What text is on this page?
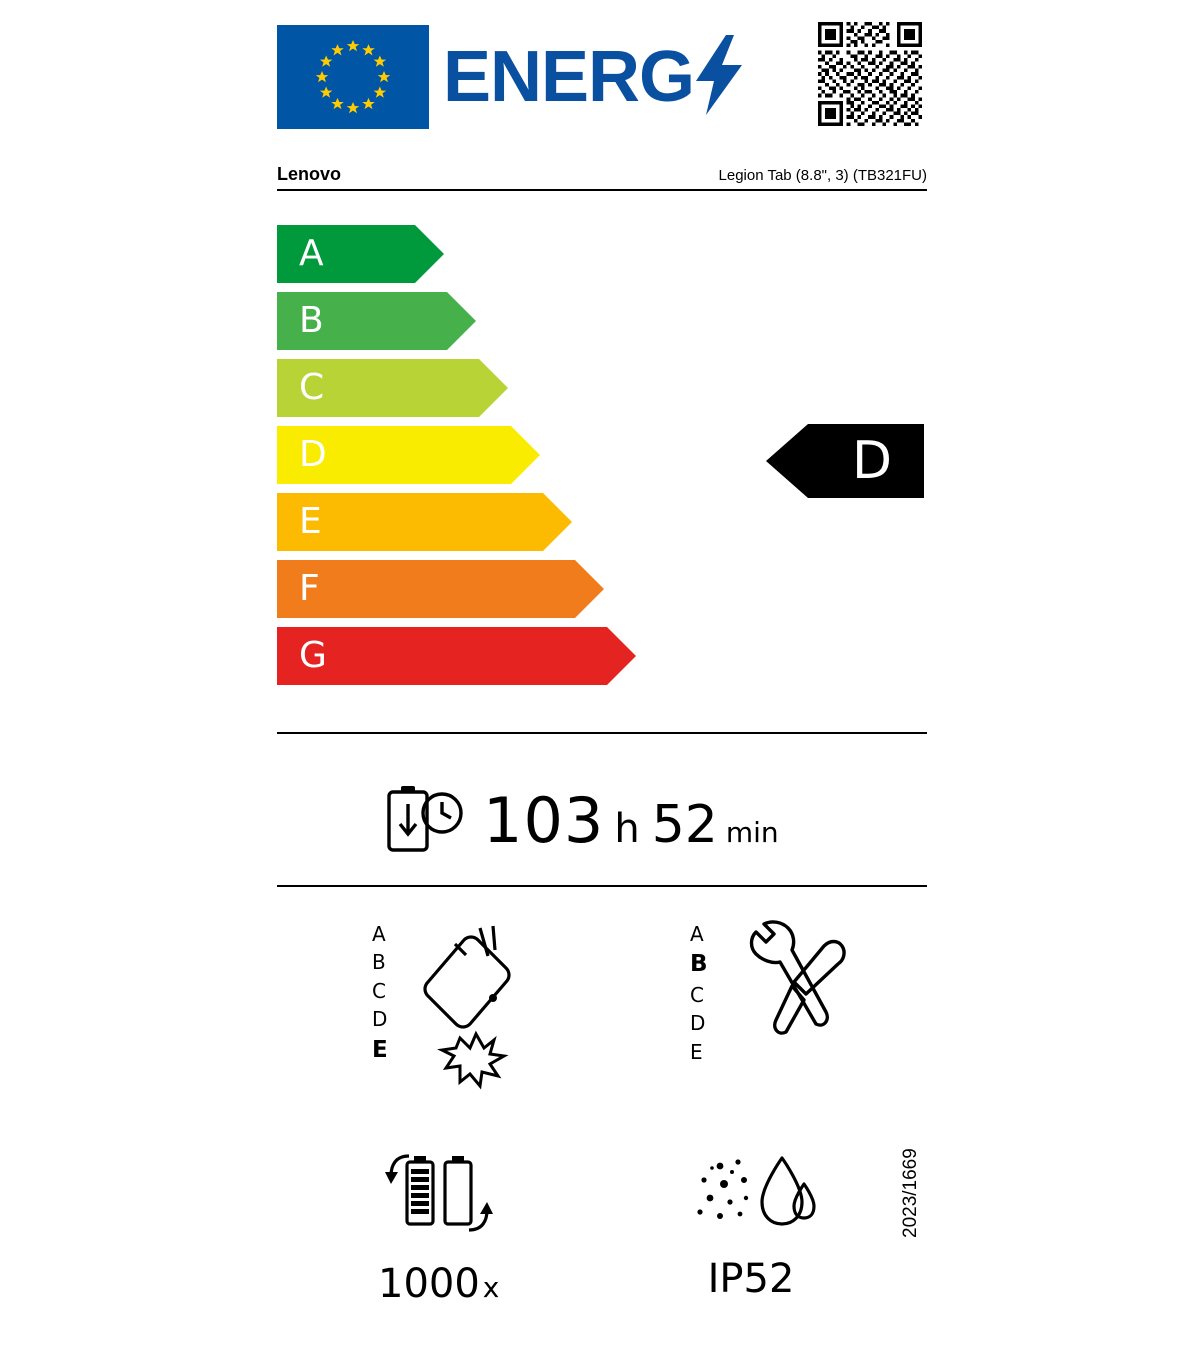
ENERG
Lenovo	Legion Tab (8.8", 3) (TB321FU)
A
B
C
D
E
F
G
D
103 h 52 min
A
B
C
D
E
A
B
C
D
E
1000 x	IP52
2023/1669
